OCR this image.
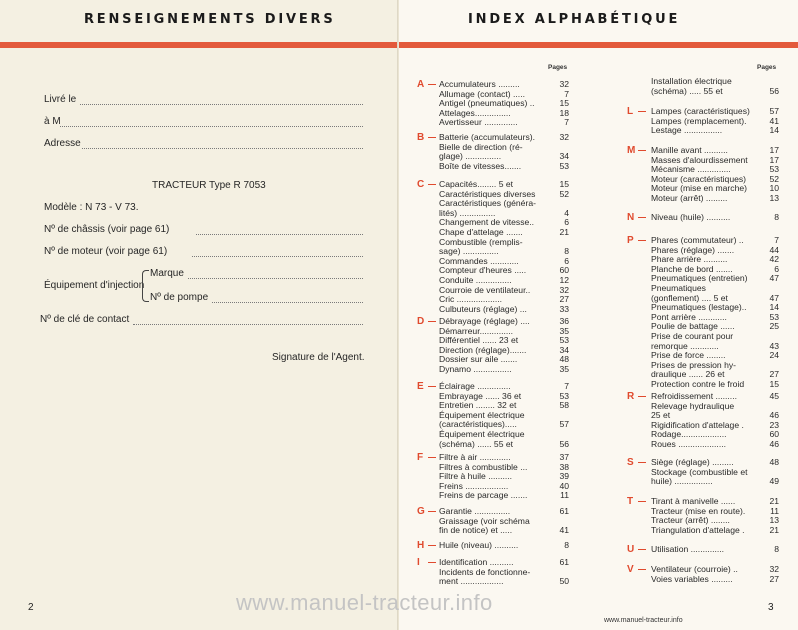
RENSEIGNEMENTS DIVERS
Livré le
à M
Adresse
TRACTEUR Type R 7053
Modèle : N 73 - V 73.
Nº de châssis (voir page 61)
Nº de moteur (voir page 61)
Équipement d'injection
Marque
Nº de pompe
Nº de clé de contact
Signature de l'Agent.
2
INDEX ALPHABÉTIQUE
Pages	Pages
A Accumulateurs .........	32
Allumage (contact) .....	7
Antigel (pneumatiques) ..	15
Attelages...............	18
Avertisseur ..............	7
B Batterie (accumulateurs).	32
Bielle de direction (ré-
glage) ...............	34
Boîte de vitesses.......	53
C Capacités........ 5 et	15
Caractéristiques diverses	52
Caractéristiques (généra-
lités) ...............	4
Changement de vitesse..	6
Chape d'attelage .......	21
Combustible (remplis-
sage) ...............	8
Commandes ............	6
Compteur d'heures .....	60
Conduite ...............	12
Courroie de ventilateur..	32
Cric ...................	27
Culbuteurs (réglage) ...	33
D Débrayage (réglage) ....	36
Démarreur..............	35
Différentiel ...... 23 et	53
Direction (réglage).......	34
Dossier sur aile .......	48
Dynamo ................	35
E Éclairage ..............	7
Embrayage ...... 36 et	53
Entretien ........ 32 et	58
Équipement électrique
(caractéristiques).....	57
Équipement électrique
(schéma) ...... 55 et	56
F Filtre à air .............	37
Filtres à combustible ...	38
Filtre à huile ..........	39
Freins ..................	40
Freins de parcage .......	11
G Garantie ...............	61
Graissage (voir schéma
fin de notice) et .....	41
H Huile (niveau) ..........	8
I Identification ..........	61
Incidents de fonctionne-
ment ..................	50
Installation électrique
(schéma) ..... 55 et	56
L Lampes (caractéristiques) 57
Lampes (remplacement).	41
Lestage ................	14
M Manille avant ..........	17
Masses d'alourdissement	17
Mécanisme ..............	53
Moteur (caractéristiques)	52
Moteur (mise en marche)	10
Moteur (arrêt) .........	13
N Niveau (huile) ..........	8
P Phares (commutateur) ..	7
Phares (réglage) .......	44
Phare arrière ..........	42
Planche de bord .......	6
Pneumatiques (entretien)	47
Pneumatiques
(gonflement) .... 5 et	47
Pneumatiques (lestage)..	14
Pont arrière ............	53
Poulie de battage ......	25
Prise de courant pour
remorque ............	43
Prise de force ........	24
Prises de pression hy-
draulique ...... 26 et	27
Protection contre le froid	15
R Refroidissement .........	45
Relevage hydraulique
25 et	46
Rigidification d'attelage .	23
Rodage...................	60
Roues ....................	46
S Siège (réglage) .........	48
Stockage (combustible et
huile) ................	49
T Tirant à manivelle ......	21
Tracteur (mise en route).	11
Tracteur (arrêt) ........	13
Triangulation d'attelage .	21
U Utilisation ..............	8
V Ventilateur (courroie) ..	32
Voies variables .........	27
3
www.manuel-tracteur.info
www.manuel-tracteur.info
